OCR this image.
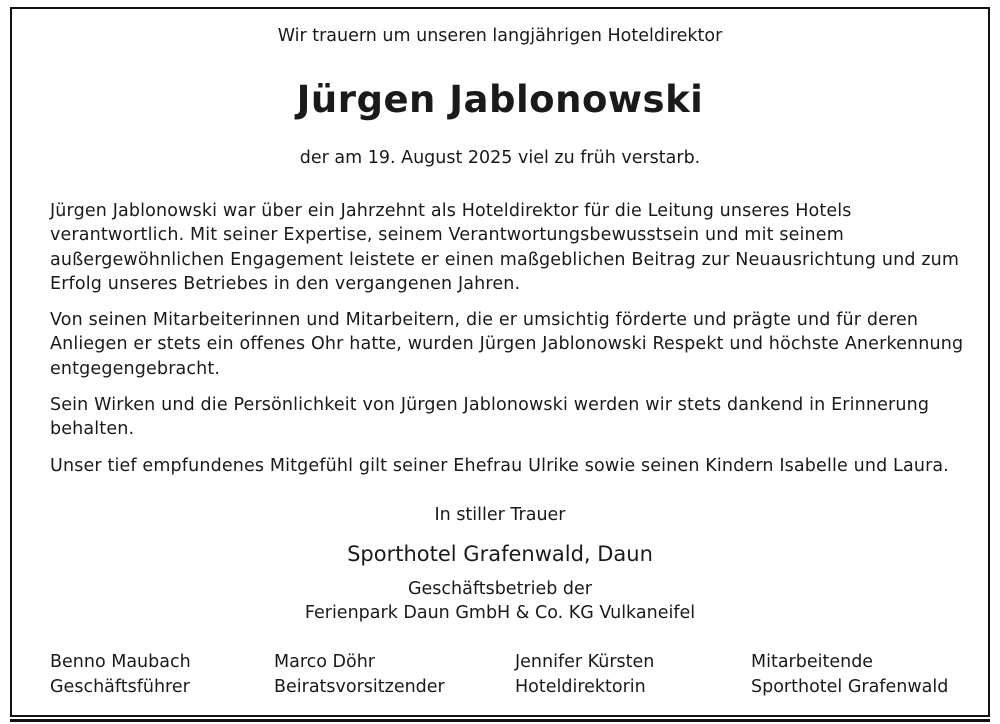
Wir trauern um unseren langjährigen Hoteldirektor
Jürgen Jablonowski
der am 19. August 2025 viel zu früh verstarb.
Jürgen Jablonowski war über ein Jahrzehnt als Hoteldirektor für die Leitung unseres Hotels verantwortlich. Mit seiner Expertise, seinem Verantwortungsbewusstsein und mit seinem außergewöhnlichen Engagement leistete er einen maßgeblichen Beitrag zur Neuausrichtung und zum Erfolg unseres Betriebes in den vergangenen Jahren.
Von seinen Mitarbeiterinnen und Mitarbeitern, die er umsichtig förderte und prägte und für deren Anliegen er stets ein offenes Ohr hatte, wurden Jürgen Jablonowski Respekt und höchste Anerkennung entgegengebracht.
Sein Wirken und die Persönlichkeit von Jürgen Jablonowski werden wir stets dankend in Erinnerung behalten.
Unser tief empfundenes Mitgefühl gilt seiner Ehefrau Ulrike sowie seinen Kindern Isabelle und Laura.
In stiller Trauer
Sporthotel Grafenwald, Daun
Geschäftsbetrieb der
Ferienpark Daun GmbH & Co. KG Vulkaneifel
Benno Maubach
Geschäftsführer
Marco Döhr
Beiratsvorsitzender
Jennifer Kürsten
Hoteldirektorin
Mitarbeitende
Sporthotel Grafenwald
